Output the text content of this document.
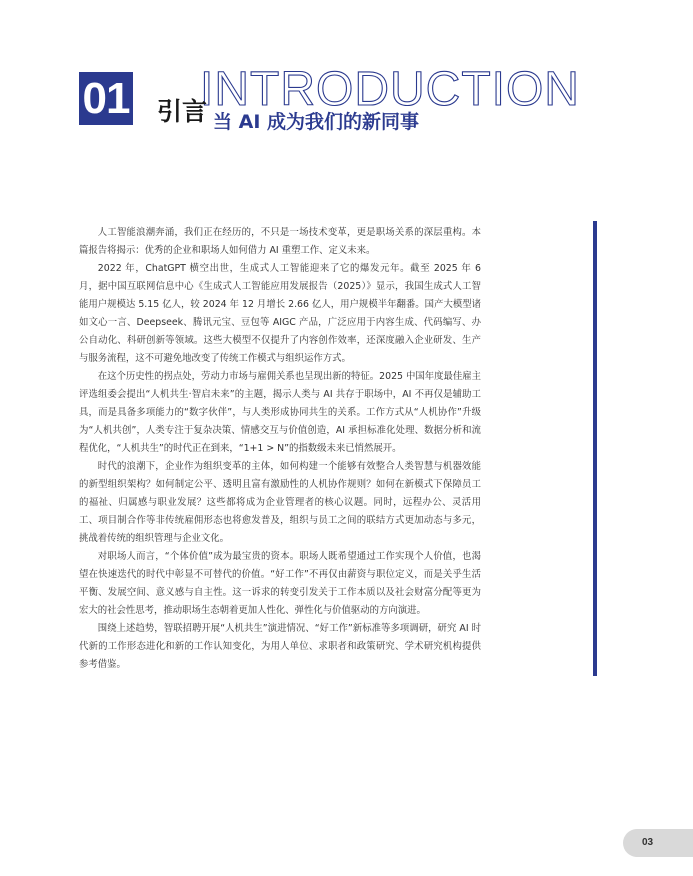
INTRODUCTION
01 引言 当 AI 成为我们的新同事

人工智能浪潮奔涌，我们正在经历的，不只是一场技术变革，更是职场关系的深层重构。本篇报告将揭示：优秀的企业和职场人如何借力 AI 重塑工作、定义未来。

2022 年，ChatGPT 横空出世，生成式人工智能迎来了它的爆发元年。截至 2025 年 6 月，据中国互联网信息中心《生成式人工智能应用发展报告（2025）》显示，我国生成式人工智能用户规模达 5.15 亿人，较 2024 年 12 月增长 2.66 亿人，用户规模半年翻番。国产大模型诸如文心一言、Deepseek、腾讯元宝、豆包等 AIGC 产品，广泛应用于内容生成、代码编写、办公自动化、科研创新等领域。这些大模型不仅提升了内容创作效率，还深度融入企业研发、生产与服务流程，这不可避免地改变了传统工作模式与组织运作方式。

在这个历史性的拐点处，劳动力市场与雇佣关系也呈现出新的特征。2025 中国年度最佳雇主评选组委会提出“人机共生·智启未来”的主题，揭示人类与 AI 共存于职场中，AI 不再仅是辅助工具，而是具备多项能力的“数字伙伴”，与人类形成协同共生的关系。工作方式从“人机协作”升级为“人机共创”，人类专注于复杂决策、情感交互与价值创造，AI 承担标准化处理、数据分析和流程优化，“人机共生”的时代正在到来，“1+1 > N”的指数级未来已悄然展开。

时代的浪潮下，企业作为组织变革的主体，如何构建一个能够有效整合人类智慧与机器效能的新型组织架构？如何制定公平、透明且富有激励性的人机协作规则？如何在新模式下保障员工的福祉、归属感与职业发展？这些都将成为企业管理者的核心议题。同时，远程办公、灵活用工、项目制合作等非传统雇佣形态也将愈发普及，组织与员工之间的联结方式更加动态与多元，挑战着传统的组织管理与企业文化。

对职场人而言，“个体价值”成为最宝贵的资本。职场人既希望通过工作实现个人价值，也渴望在快速迭代的时代中彰显不可替代的价值。“好工作”不再仅由薪资与职位定义，而是关乎生活平衡、发展空间、意义感与自主性。这一诉求的转变引发关于工作本质以及社会财富分配等更为宏大的社会性思考，推动职场生态朝着更加人性化、弹性化与价值驱动的方向演进。

围绕上述趋势，智联招聘开展“人机共生”演进情况、“好工作”新标准等多项调研，研究 AI 时代新的工作形态进化和新的工作认知变化，为用人单位、求职者和政策研究、学术研究机构提供参考借鉴。

03
